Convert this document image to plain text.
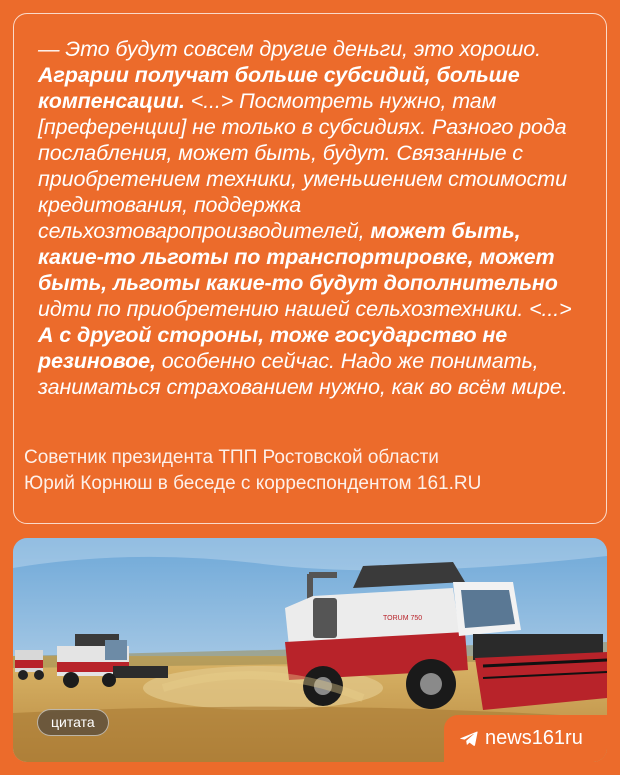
— Это будут совсем другие деньги, это хорошо. Аграрии получат больше субсидий, больше компенсации. <...> Посмотреть нужно, там [преференции] не только в субсидиях. Разного рода послабления, может быть, будут. Связанные с приобретением техники, уменьшением стоимости кредитования, поддержка сельхозтоваропроизводителей, может быть, какие-то льготы по транспортировке, может быть, льготы какие-то будут дополнительно идти по приобретению нашей сельхозтехники. <...> А с другой стороны, тоже государство не резиновое, особенно сейчас. Надо же понимать, заниматься страхованием нужно, как во всём мире.
Советник президента ТПП Ростовской области
Юрий Корнюш в беседе с корреспондентом 161.RU
TORUM 750
цитата
news161ru
